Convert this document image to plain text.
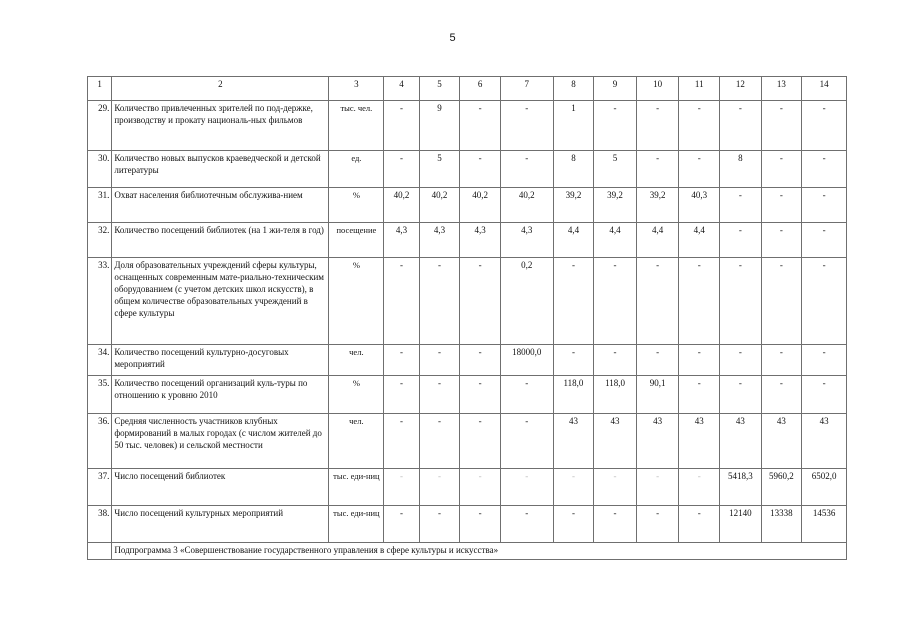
5
1	2	3	4	5	6	7	8	9	10	11	12	13	14
29.	Количество привлеченных зрителей по под-держке, производству и прокату националь-ных фильмов	тыс. чел.	-	9	-	-	1	-	-	-	-	-	-
30.	Количество новых выпусков краеведческой и детской литературы	ед.	-	5	-	-	8	5	-	-	8	-	-
31.	Охват населения библиотечным обслужива-нием	%	40,2	40,2	40,2	40,2	39,2	39,2	39,2	40,3	-	-	-
32.	Количество посещений библиотек (на 1 жи-теля в год)	посещение	4,3	4,3	4,3	4,3	4,4	4,4	4,4	4,4	-	-	-
33.	Доля образовательных учреждений сферы культуры, оснащенных современным мате-риально-техническим оборудованием (с учетом детских школ искусств), в общем количестве образовательных учреждений в сфере культуры	%	-	-	-	0,2	-	-	-	-	-	-	-
34.	Количество посещений культурно-досуговых мероприятий	чел.	-	-	-	18000,0	-	-	-	-	-	-	-
35.	Количество посещений организаций куль-туры по отношению к уровню 2010	%	-	-	-	-	118,0	118,0	90,1	-	-	-	-
36.	Средняя численность участников клубных формирований в малых городах (с числом жителей до 50 тыс. человек) и сельской местности	чел.	-	-	-	-	43	43	43	43	43	43	43
37.	Число посещений библиотек	тыс. еди-ниц	-	-	-	-	-	-	-	-	5418,3	5960,2	6502,0
38.	Число посещений культурных мероприятий	тыс. еди-ниц	-	-	-	-	-	-	-	-	12140	13338	14536
	Подпрограмма 3 «Совершенствование государственного управления в сфере культуры и искусства»												
